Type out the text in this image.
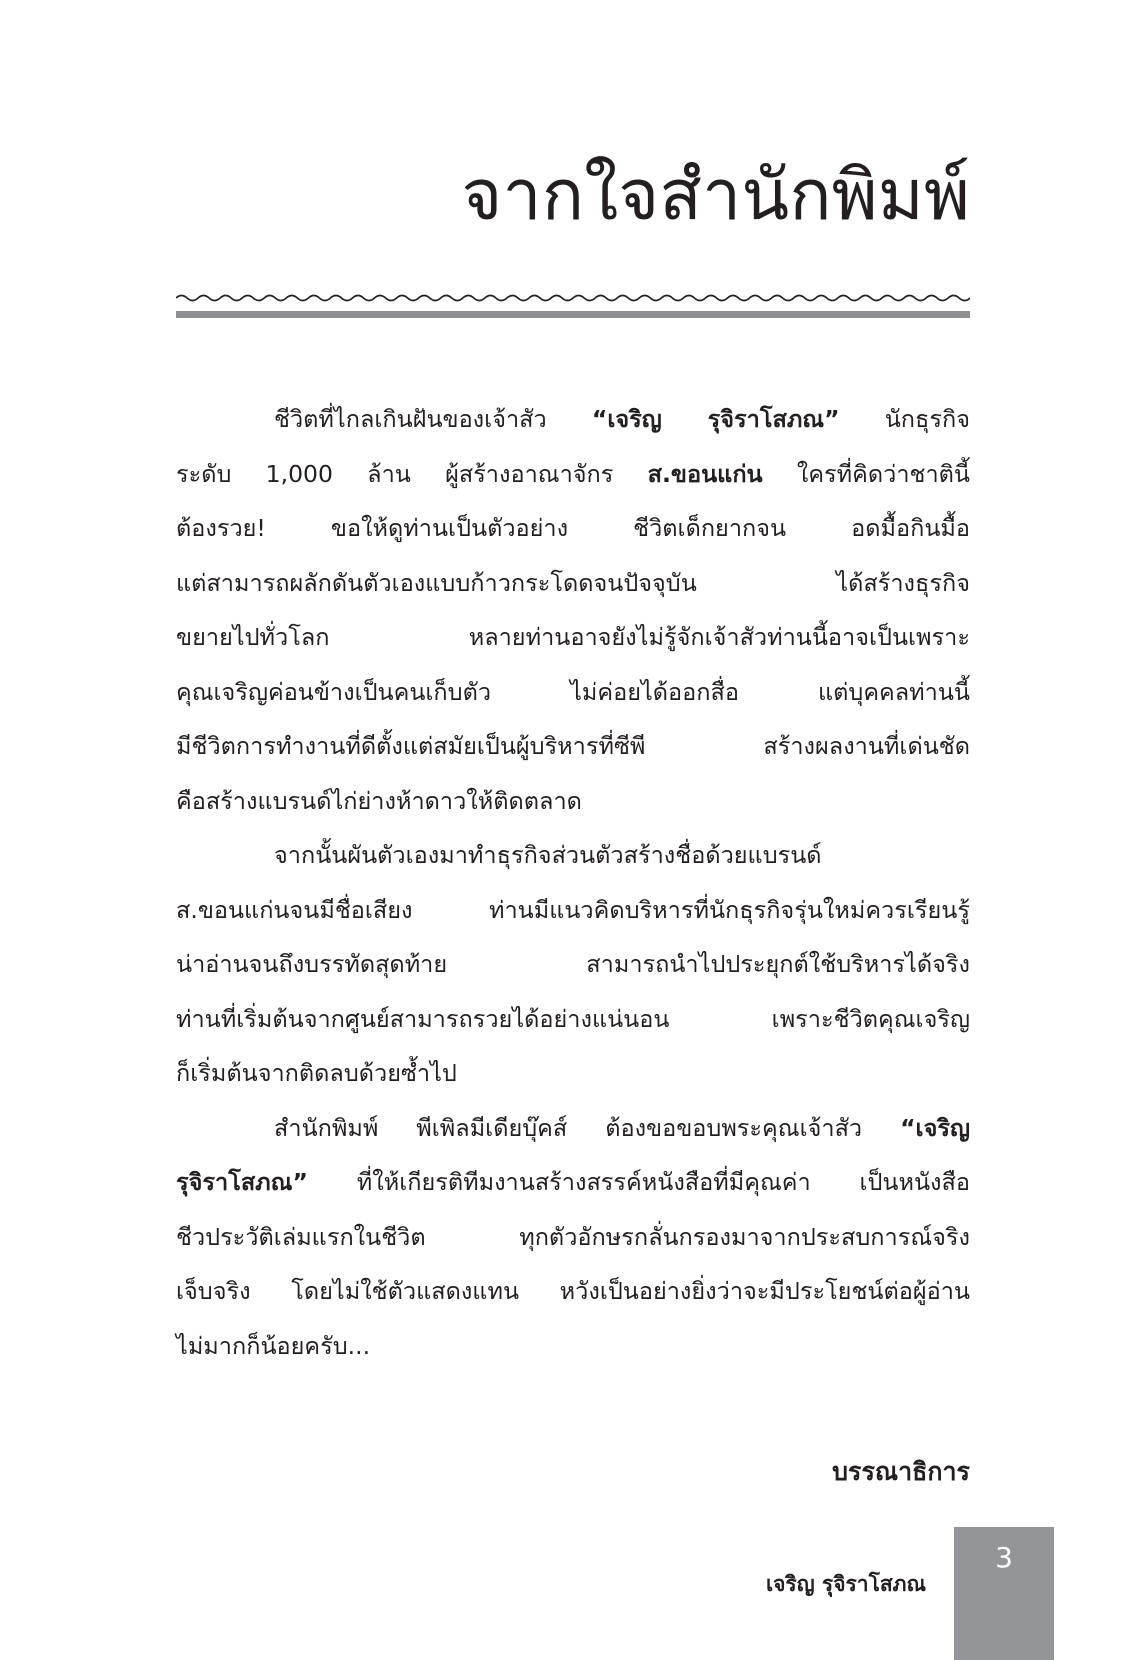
จากใจสำนักพิมพ์
ชีวิตที่ไกลเกินฝันของเจ้าสัว “เจริญ รุจิราโสภณ” นักธุรกิจ
ระดับ 1,000 ล้าน ผู้สร้างอาณาจักร ส.ขอนแก่น ใครที่คิดว่าชาตินี้
ต้องรวย! ขอให้ดูท่านเป็นตัวอย่าง ชีวิตเด็กยากจน อดมื้อกินมื้อ
แต่สามารถผลักดันตัวเองแบบก้าวกระโดดจนปัจจุบัน ได้สร้างธุรกิจ
ขยายไปทั่วโลก หลายท่านอาจยังไม่รู้จักเจ้าสัวท่านนี้อาจเป็นเพราะ
คุณเจริญค่อนข้างเป็นคนเก็บตัว ไม่ค่อยได้ออกสื่อ แต่บุคคลท่านนี้
มีชีวิตการทำงานที่ดีตั้งแต่สมัยเป็นผู้บริหารที่ซีพี สร้างผลงานที่เด่นชัด
คือสร้างแบรนด์ไก่ย่างห้าดาวให้ติดตลาด
จากนั้นผันตัวเองมาทำธุรกิจส่วนตัวสร้างชื่อด้วยแบรนด์
ส.ขอนแก่นจนมีชื่อเสียง ท่านมีแนวคิดบริหารที่นักธุรกิจรุ่นใหม่ควรเรียนรู้
น่าอ่านจนถึงบรรทัดสุดท้าย สามารถนำไปประยุกต์ใช้บริหารได้จริง
ท่านที่เริ่มต้นจากศูนย์สามารถรวยได้อย่างแน่นอน เพราะชีวิตคุณเจริญ
ก็เริ่มต้นจากติดลบด้วยซ้ำไป
สำนักพิมพ์ พีเพิลมีเดียบุ๊คส์ ต้องขอขอบพระคุณเจ้าสัว “เจริญ
รุจิราโสภณ” ที่ให้เกียรติทีมงานสร้างสรรค์หนังสือที่มีคุณค่า เป็นหนังสือ
ชีวประวัติเล่มแรกในชีวิต ทุกตัวอักษรกลั่นกรองมาจากประสบการณ์จริง
เจ็บจริง โดยไม่ใช้ตัวแสดงแทน หวังเป็นอย่างยิ่งว่าจะมีประโยชน์ต่อผู้อ่าน
ไม่มากก็น้อยครับ...
บรรณาธิการ
เจริญ รุจิราโสภณ
3
